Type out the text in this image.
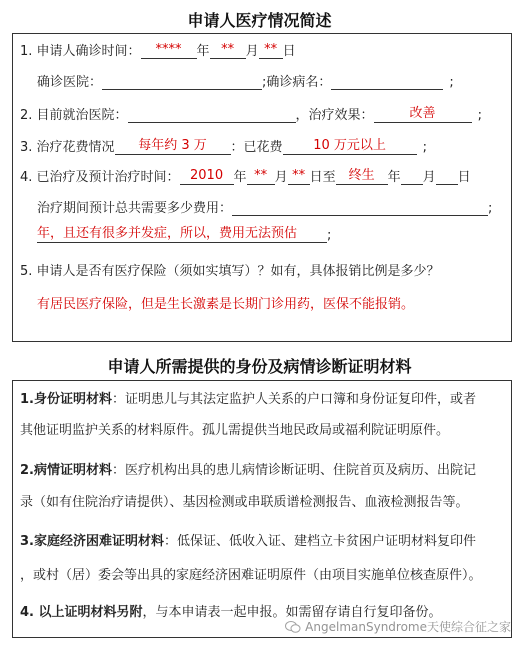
申请人医疗情况简述
1. 申请人确诊时间： **** 年 ** 月 ** 日
确诊医院：	;确诊病名：	;
2. 目前就治医院：	，治疗效果：	改善	;
3. 治疗花费情况 每年约 3 万 ：已花费 10 万元以上	;
4. 已治疗及预计治疗时间： 2010 年 ** 月 ** 日至 终生 年 月 日
治疗期间预计总共需要多少费用：	;
年，且还有很多并发症，所以，费用无法预估 ;
5. 申请人是否有医疗保险（须如实填写）？如有，具体报销比例是多少？
有居民医疗保险，但是生长激素是长期门诊用药，医保不能报销。
申请人所需提供的身份及病情诊断证明材料
1.身份证明材料：证明患儿与其法定监护人关系的户口簿和身份证复印件，或者
其他证明监护关系的材料原件。孤儿需提供当地民政局或福利院证明原件。
2.病情证明材料：医疗机构出具的患儿病情诊断证明、住院首页及病历、出院记
录（如有住院治疗请提供）、基因检测或串联质谱检测报告、血液检测报告等。
3.家庭经济困难证明材料：低保证、低收入证、建档立卡贫困户证明材料复印件
，或村（居）委会等出具的家庭经济困难证明原件（由项目实施单位核查原件）。
4. 以上证明材料另附，与本申请表一起申报。如需留存请自行复印备份。
AngelmanSyndrome天使综合征之家
